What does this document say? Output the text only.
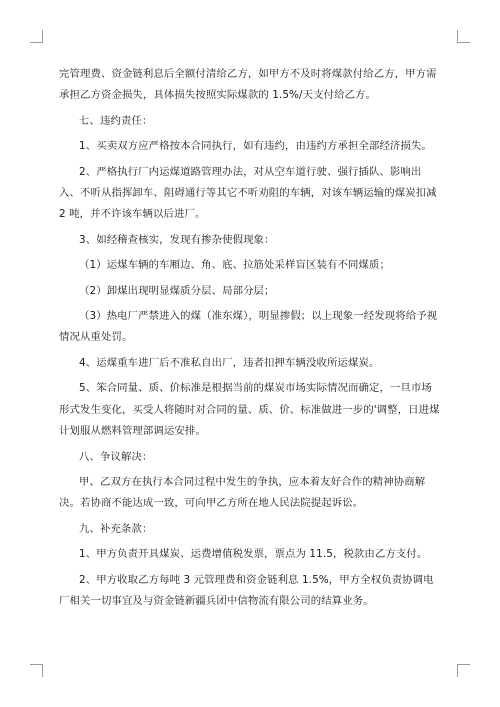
完管理费、资金链利息后全额付清给乙方，如甲方不及时将煤款付给乙方，甲方需承担乙方资金损失，具体损失按照实际煤款的 1.5%/天支付给乙方。

七、违约责任：

1、买卖双方应严格按本合同执行，如有违约，由违约方承担全部经济损失。

2、严格执行厂内运煤道路管理办法，对从空车道行驶、强行插队、影响出入、不听从指挥卸车、阻碍通行等其它不听劝阻的车辆，对该车辆运输的煤炭扣减 2 吨，并不许该车辆以后进厂。

3、如经稽查核实，发现有掺杂使假现象：

（1）运煤车辆的车厢边、角、底、拉筋处采样盲区装有不同煤质；

（2）卸煤出现明显煤质分层、局部分层；

（3）热电厂严禁进入的煤（准东煤），明显掺假；以上现象一经发现将给予视情况从重处罚。

4、运煤重车进厂后不准私自出厂，违者扣押车辆没收所运煤炭。

5、笨合同量、质、价标准是根据当前的煤炭市场实际情况而确定，一旦市场形式发生变化，买受人将随时对合同的量、质、价、标准做进一步的'调整，日进煤计划服从燃料管理部调运安排。

八、争议解决：

甲、乙双方在执行本合同过程中发生的争执，应本着友好合作的精神协商解决。若协商不能达成一致，可向甲乙方所在地人民法院提起诉讼。

九、补充条款：

1、甲方负责开具煤炭、运费增值税发票，票点为 11.5，税款由乙方支付。

2、甲方收取乙方每吨 3 元管理费和资金链利息 1.5%，甲方全权负责协调电厂相关一切事宜及与资金链新疆兵团中信物流有限公司的结算业务。
